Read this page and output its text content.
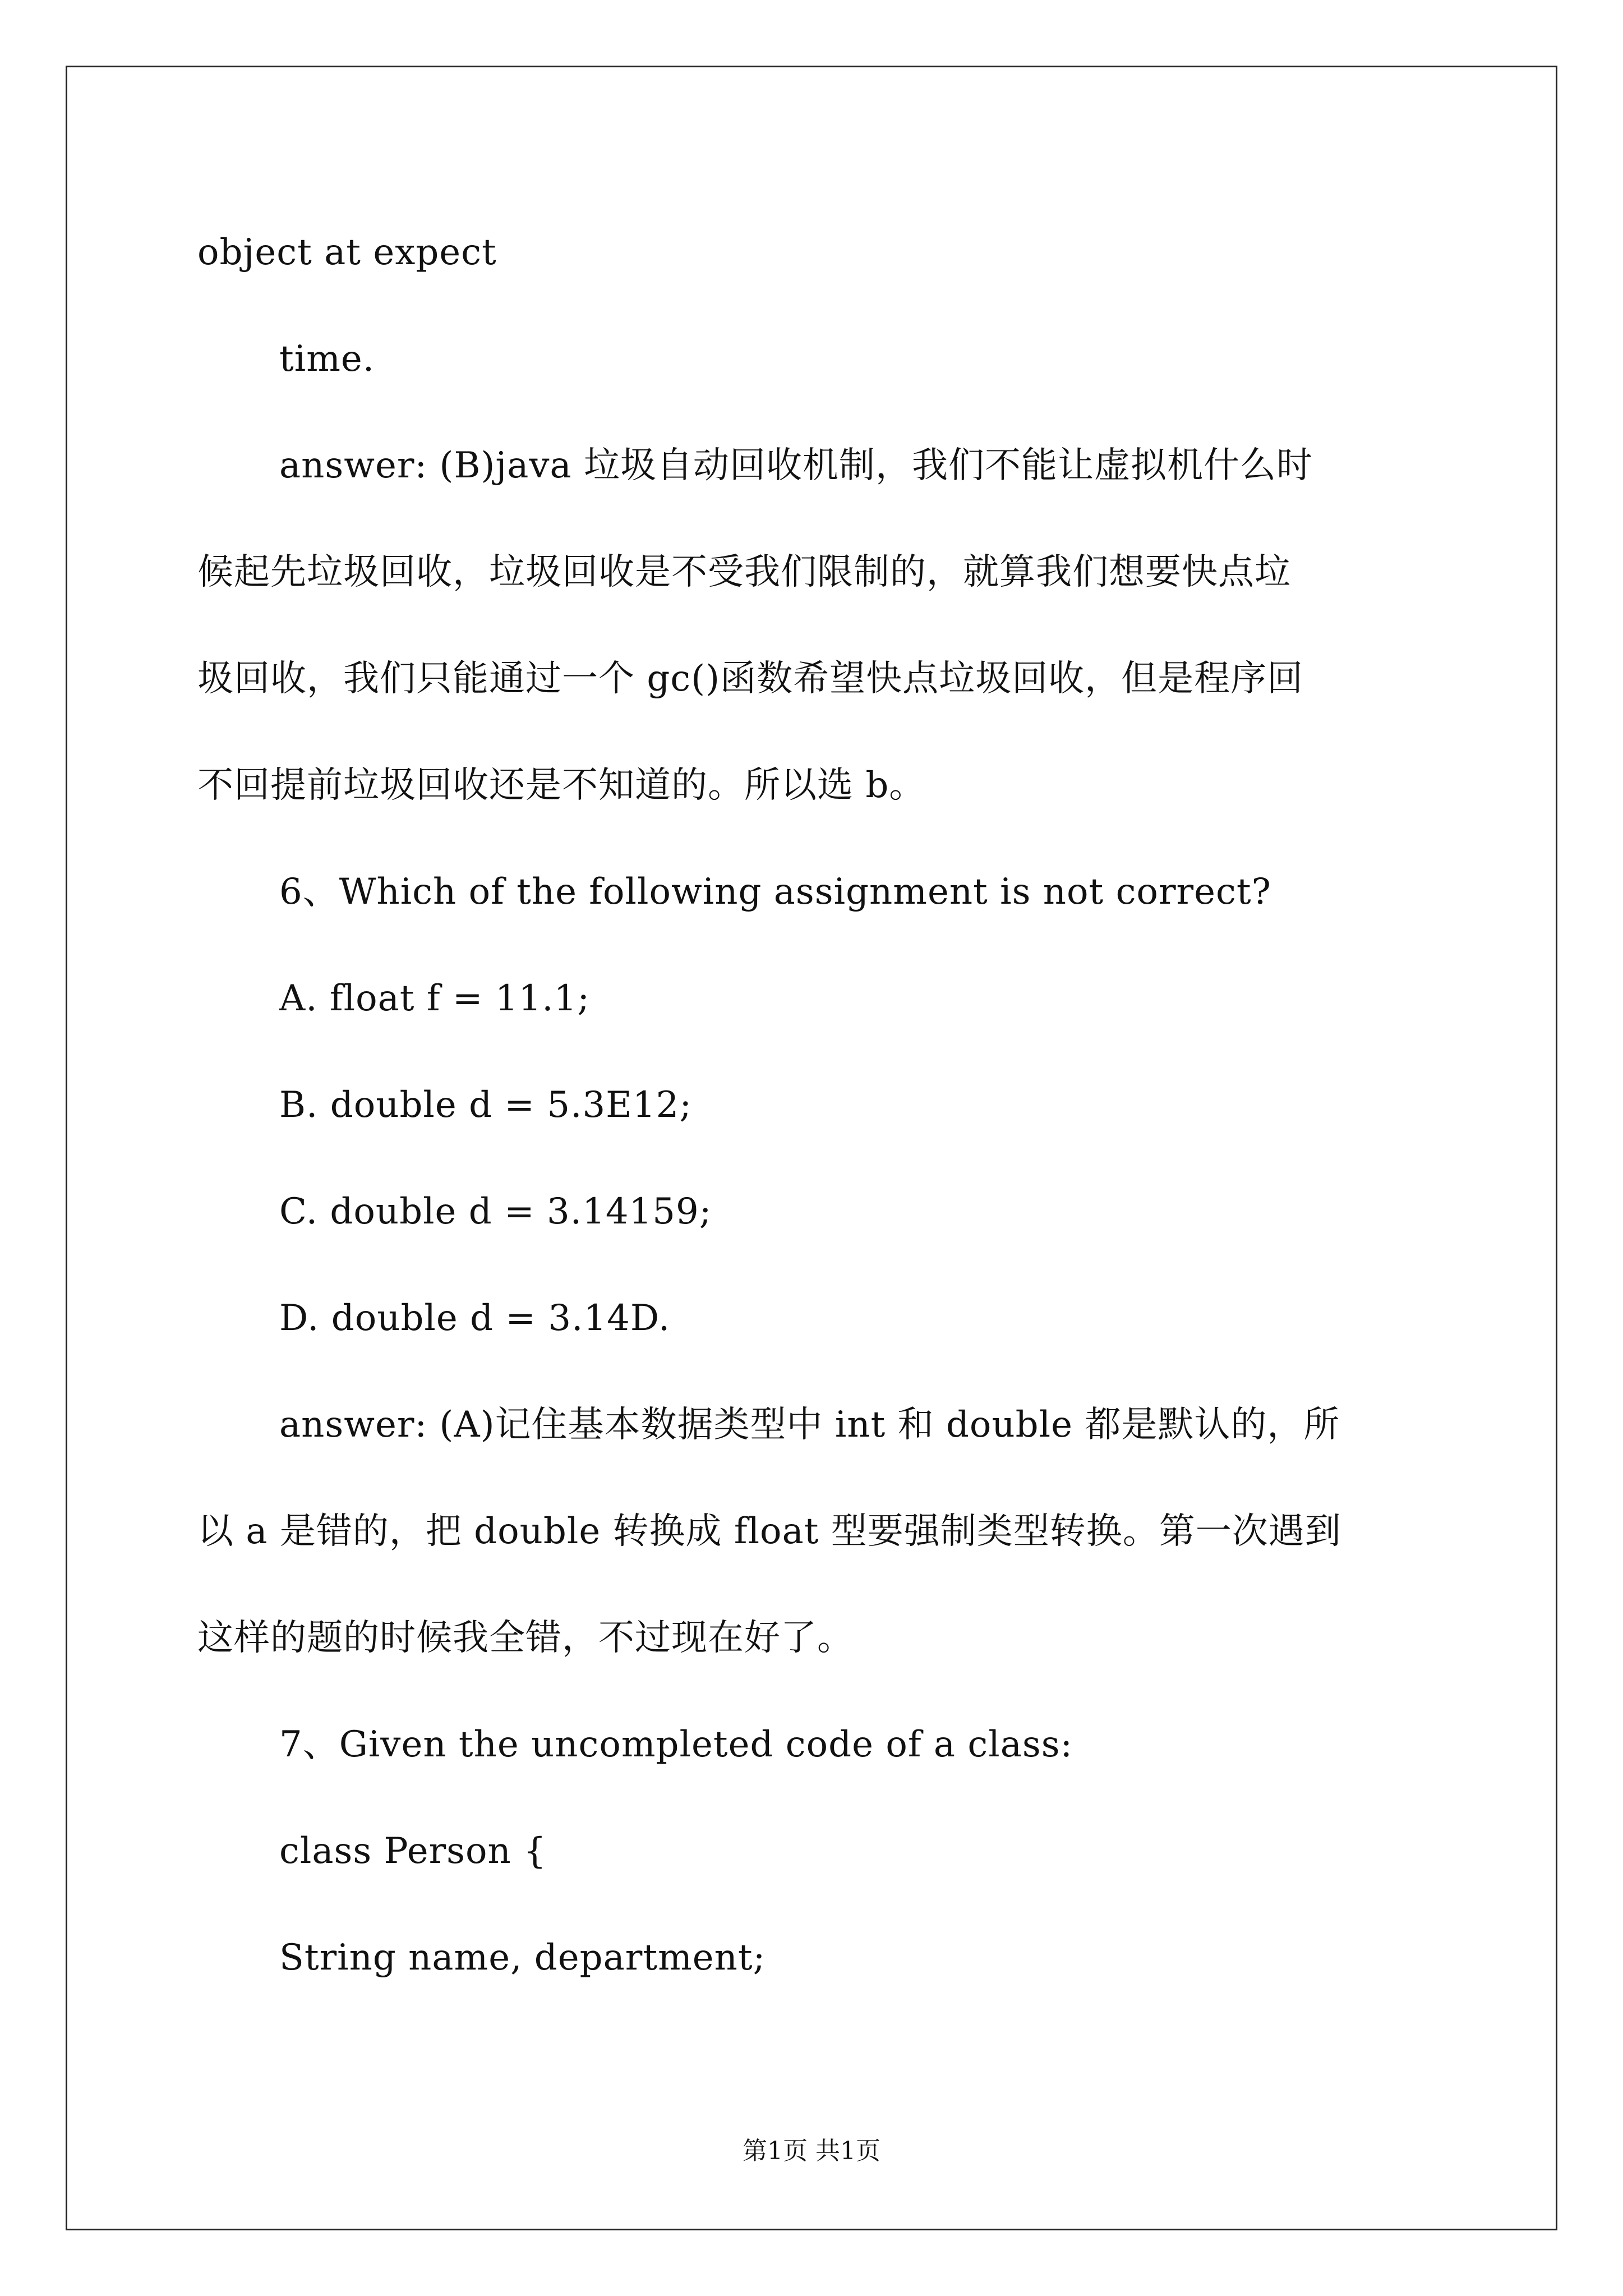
object at expect
time.
answer: (B)java 垃圾自动回收机制，我们不能让虚拟机什么时
候起先垃圾回收，垃圾回收是不受我们限制的，就算我们想要快点垃
圾回收，我们只能通过一个 gc()函数希望快点垃圾回收，但是程序回
不回提前垃圾回收还是不知道的。所以选 b。
6、Which of the following assignment is not correct?
A. float f = 11.1;
B. double d = 5.3E12;
C. double d = 3.14159;
D. double d = 3.14D.
answer: (A)记住基本数据类型中 int 和 double 都是默认的，所
以 a 是错的，把 double 转换成 float 型要强制类型转换。第一次遇到
这样的题的时候我全错，不过现在好了。
7、Given the uncompleted code of a class:
class Person {
String name, department;
第1页 共1页
